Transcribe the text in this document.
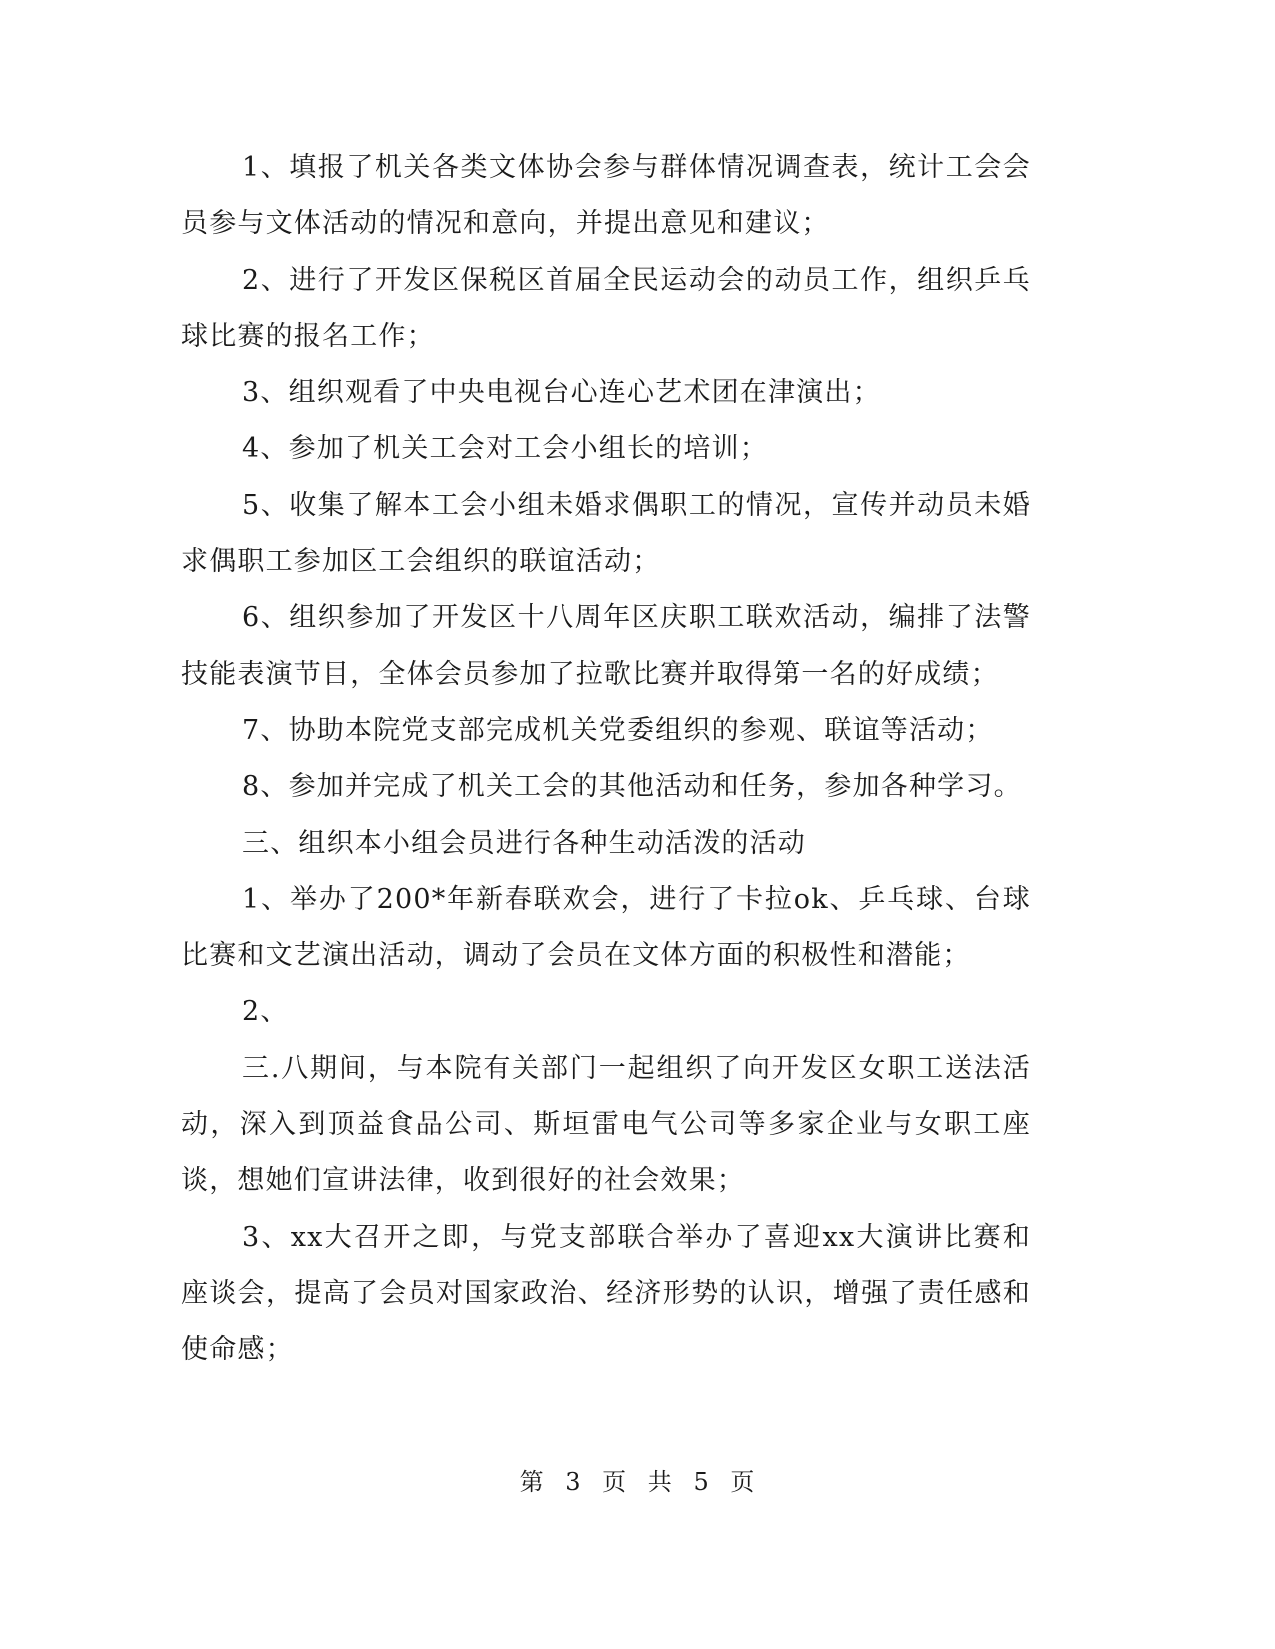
1、填报了机关各类文体协会参与群体情况调查表，统计工会会员参与文体活动的情况和意向，并提出意见和建议；

2、进行了开发区保税区首届全民运动会的动员工作，组织乒乓球比赛的报名工作；

3、组织观看了中央电视台心连心艺术团在津演出；

4、参加了机关工会对工会小组长的培训；

5、收集了解本工会小组未婚求偶职工的情况，宣传并动员未婚求偶职工参加区工会组织的联谊活动；

6、组织参加了开发区十八周年区庆职工联欢活动，编排了法警技能表演节目，全体会员参加了拉歌比赛并取得第一名的好成绩；

7、协助本院党支部完成机关党委组织的参观、联谊等活动；

8、参加并完成了机关工会的其他活动和任务，参加各种学习。

三、组织本小组会员进行各种生动活泼的活动

1、举办了200*年新春联欢会，进行了卡拉ok、乒乓球、台球比赛和文艺演出活动，调动了会员在文体方面的积极性和潜能；

2、

三.八期间，与本院有关部门一起组织了向开发区女职工送法活动，深入到顶益食品公司、斯垣雷电气公司等多家企业与女职工座谈，想她们宣讲法律，收到很好的社会效果；

3、xx大召开之即，与党支部联合举办了喜迎xx大演讲比赛和座谈会，提高了会员对国家政治、经济形势的认识，增强了责任感和使命感；

第 3 页 共 5 页
